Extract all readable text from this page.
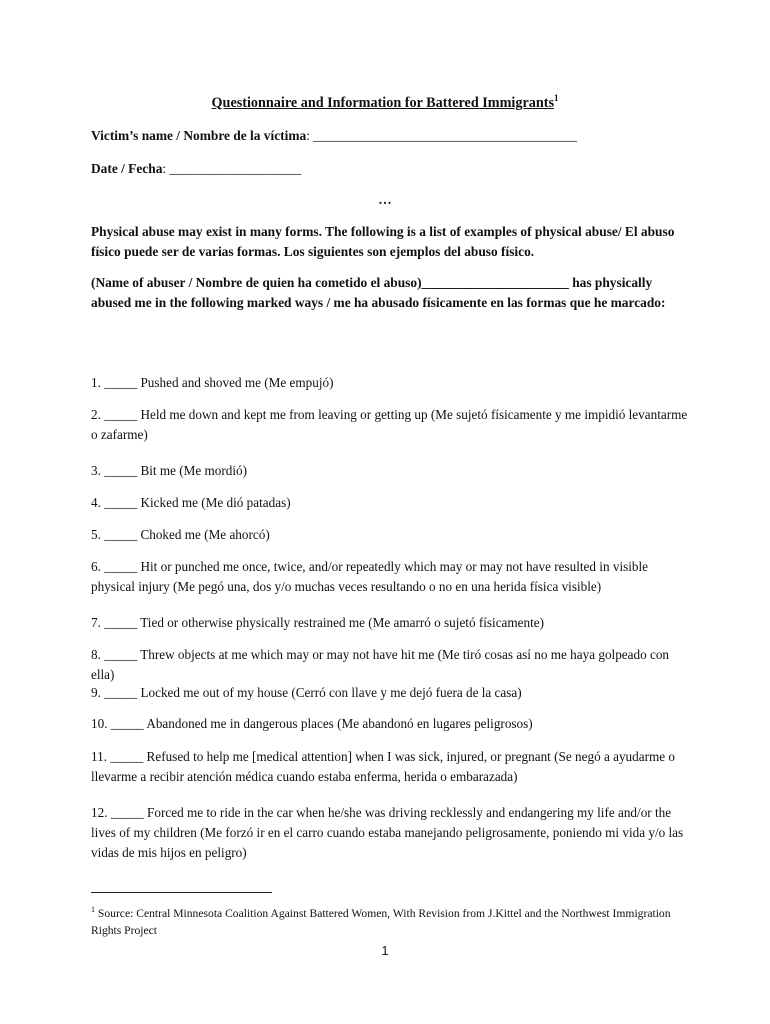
Questionnaire and Information for Battered Immigrants$^1$
Victim’s name / Nombre de la víctima: ________________________________________
Date / Fecha: ____________________
…
Physical abuse may exist in many forms. The following is a list of examples of physical abuse/ El abuso físico puede ser de varias formas. Los siguientes son ejemplos del abuso físico.
(Name of abuser / Nombre de quien ha cometido el abuso)______________________ has physically abused me in the following marked ways / me ha abusado físicamente en las formas que he marcado:
1. _____ Pushed and shoved me (Me empujó)
2. _____ Held me down and kept me from leaving or getting up (Me sujetó físicamente y me impidió levantarme o zafarme)
3. _____ Bit me (Me mordió)
4. _____ Kicked me (Me dió patadas)
5. _____ Choked me (Me ahorcó)
6. _____ Hit or punched me once, twice, and/or repeatedly which may or may not have resulted in visible physical injury (Me pegó una, dos y/o muchas veces resultando o no en una herida física visible)
7. _____ Tied or otherwise physically restrained me (Me amarró o sujetó físicamente)
8. _____ Threw objects at me which may or may not have hit me (Me tiró cosas así no me haya golpeado con ella)
9. _____ Locked me out of my house (Cerró con llave y me dejó fuera de la casa)
10. _____ Abandoned me in dangerous places (Me abandonó en lugares peligrosos)
11. _____ Refused to help me [medical attention] when I was sick, injured, or pregnant (Se negó a ayudarme o llevarme a recibir atención médica cuando estaba enferma, herida o embarazada)
12. _____ Forced me to ride in the car when he/she was driving recklessly and endangering my life and/or the lives of my children (Me forzó ir en el carro cuando estaba manejando peligrosamente, poniendo mi vida y/o las vidas de mis hijos en peligro)
$^1$ Source: Central Minnesota Coalition Against Battered Women, With Revision from J.Kittel and the Northwest Immigration Rights Project
1
